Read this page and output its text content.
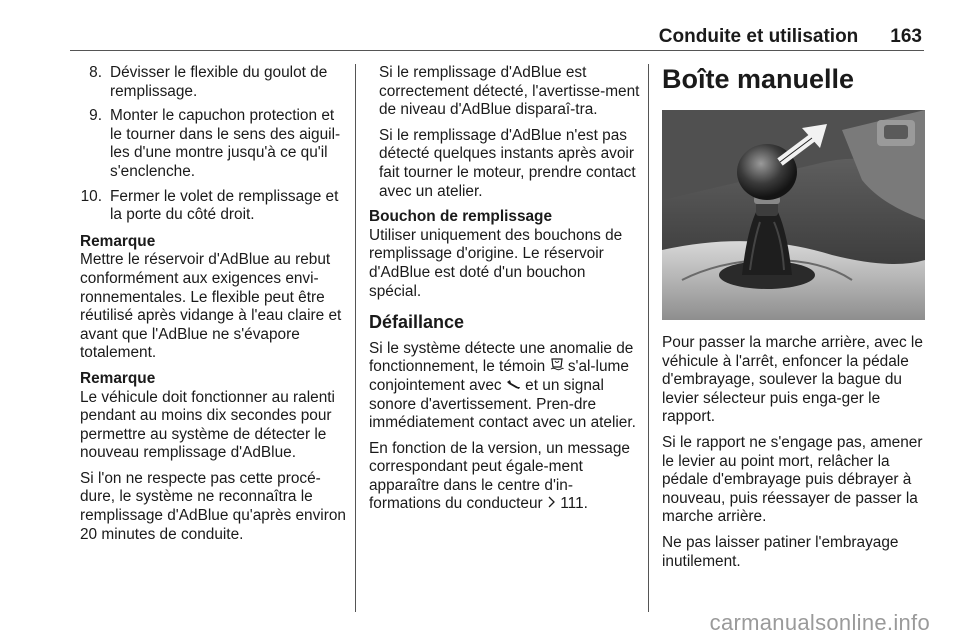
Conduite et utilisation 163
8. Dévisser le flexible du goulot de remplissage.
9. Monter le capuchon protection et le tourner dans le sens des aiguil-les d'une montre jusqu'à ce qu'il s'enclenche.
10. Fermer le volet de remplissage et la porte du côté droit.
Remarque

Mettre le réservoir d'AdBlue au rebut conformément aux exigences envi-ronnementales. Le flexible peut être réutilisé après vidange à l'eau claire et avant que l'AdBlue ne s'évapore totalement.

Remarque

Le véhicule doit fonctionner au ralenti pendant au moins dix secondes pour permettre au système de détecter le nouveau remplissage d'AdBlue.

Si l'on ne respecte pas cette procé-dure, le système ne reconnaîtra le remplissage d'AdBlue qu'après environ 20 minutes de conduite.

Si le remplissage d'AdBlue est correctement détecté, l'avertisse-ment de niveau d'AdBlue disparaî-tra.

Si le remplissage d'AdBlue n'est pas détecté quelques instants après avoir fait tourner le moteur, prendre contact avec un atelier.

Bouchon de remplissage

Utiliser uniquement des bouchons de remplissage d'origine. Le réservoir d'AdBlue est doté d'un bouchon spécial.

Défaillance

Si le système détecte une anomalie de fonctionnement, le témoin s'al-lume conjointement avec et un signal sonore d'avertissement. Pren-dre immédiatement contact avec un atelier.

En fonction de la version, un message correspondant peut égale-ment apparaître dans le centre d'in-formations du conducteur 111.

Boîte manuelle

Pour passer la marche arrière, avec le véhicule à l'arrêt, enfoncer la pédale d'embrayage, soulever la bague du levier sélecteur puis enga-ger le rapport.

Si le rapport ne s'engage pas, amener le levier au point mort, relâcher la pédale d'embrayage puis débrayer à nouveau, puis réessayer de passer la marche arrière.

Ne pas laisser patiner l'embrayage inutilement.

carmanualsonline.info
